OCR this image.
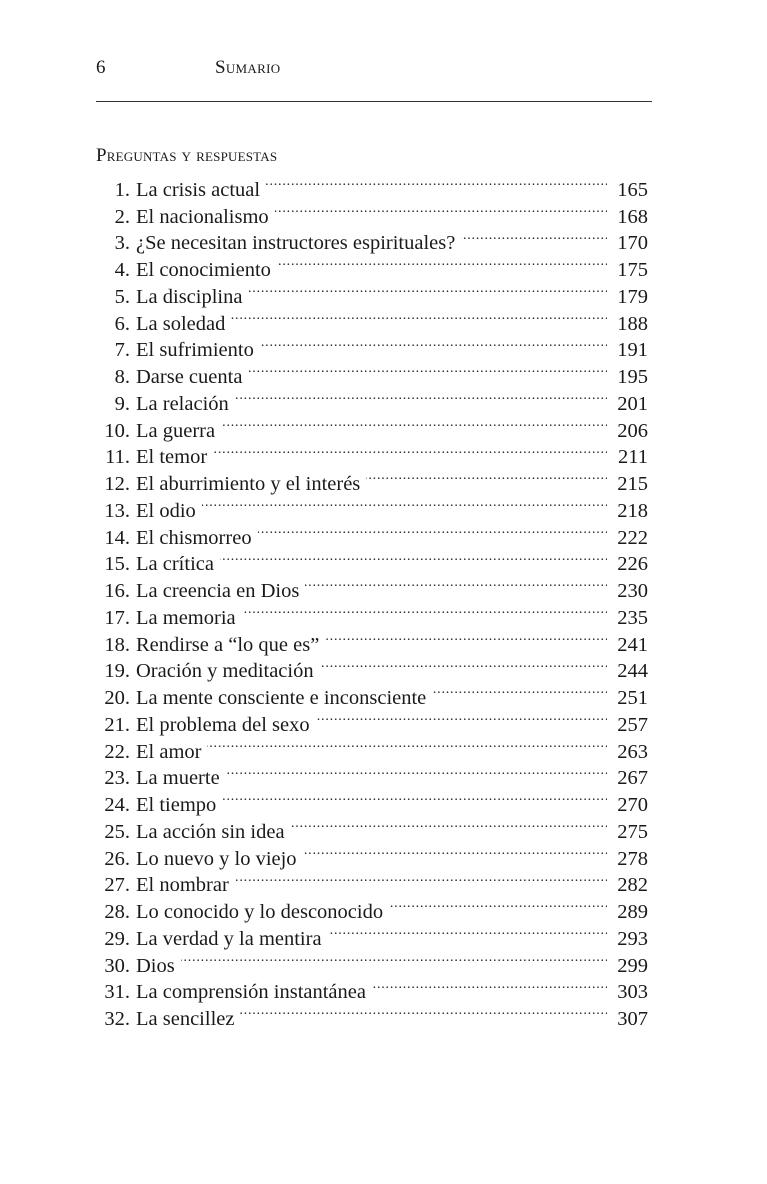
6	Sumario
Preguntas y respuestas
1. La crisis actual . . .	165
2. El nacionalismo . . .	168
3. ¿Se necesitan instructores espirituales? . . .	170
4. El conocimiento . . .	175
5. La disciplina . . .	179
6. La soledad . . .	188
7. El sufrimiento . . .	191
8. Darse cuenta . . .	195
9. La relación . . .	201
10. La guerra . . .	206
11. El temor . . .	211
12. El aburrimiento y el interés . . .	215
13. El odio . . .	218
14. El chismorreo . . .	222
15. La crítica . . .	226
16. La creencia en Dios . . .	230
17. La memoria . . .	235
18. Rendirse a “lo que es” . . .	241
19. Oración y meditación . . .	244
20. La mente consciente e inconsciente . . .	251
21. El problema del sexo . . .	257
22. El amor . . .	263
23. La muerte . . .	267
24. El tiempo . . .	270
25. La acción sin idea . . .	275
26. Lo nuevo y lo viejo . . .	278
27. El nombrar . . .	282
28. Lo conocido y lo desconocido . . .	289
29. La verdad y la mentira . . .	293
30. Dios . . .	299
31. La comprensión instantánea . . .	303
32. La sencillez . . .	307
